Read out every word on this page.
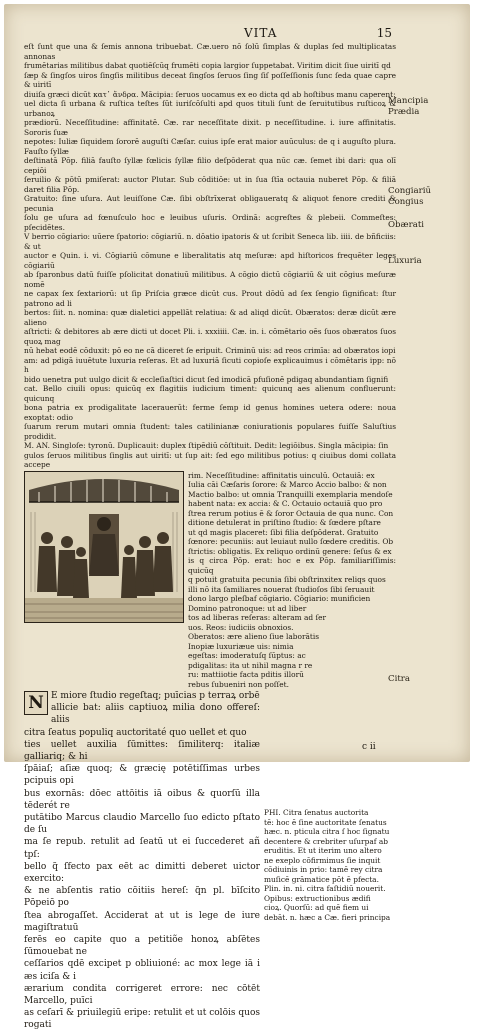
VITA	15

eſt ſunt que una & ſemis annona tribuebat. Cæ.uero nō ſolū ſimplas & duplas ſed multiplicatas annonas

frumētarias militibus dabat quotiēſcūq frumēti copia largior ſuppetabat. Viritim dicit ſiue uiritī qd

ſæp & ſingſos uiros ſingſis militibus deceat ſingſos ſeruos ſing ſiſ poſſeſſionis ſunc ſeda quae capre & uiritī

diuiſa græci dicūt κατ᾽ ἄνδρα. Mācipia: ſeruos uocamus ex eo dicta qd ab hoſtibus manu caperent:

uel dicta ſi urbana & ruſtica teſtes ſūt iuriſcōſulti apd quos tituli ſunt de ſeruitutibus ruſticoꝝ & urbanoꝝ

prædiorū. Neceſſitudine: affinitatē. Cæ. rar neceſſitate dixit. p neceſſitudine. i. iure affinitatis. Sororis ſuæ

nepotes: Iuliæ ſiquidem ſororē auguſti Cæſar. cuius ipſe erat maior auūculus: de q i auguſto plura. Fauſto ſyllæ

deſtinatā Pōp. filiā fauſto ſyllæ fœlicis ſyllæ filio deſpōderat qua nūc cæ. ſemet ibi dari: qua olī cepiōi

ſeruilio & pōtū pmiſerat: auctor Plutar. Sub cōditiōe: ut in ſua ſtīa octauia nuberet Pōp. & filiā daret filia Pōp.

Gratuito: ſine uſura. Aut leuiſſone Cæ. ſibi obſtrīxerat obligaueratq & aliquot fenore crediti & pecunia

ſolu ge uſura ad fœnuſculo hoc e leuibus uſuris. Ordinā: acgreſtes & plebeii. Commeſtes: pſecidētes.

V berrio cōgiario: uūere ſpatorio: cōgiariū. n. dōatio ipatoris & ut ſcribit Seneca lib. iiii. de bñficiis: & ut

auctor e Quin. i. vi. Cōgiariū cōmune e liberalitatis atq meſuræ: apd hiſtoricos frequēter leges cōgiariū

ab ſparonbus datū fuiſſe pſolicitat donatiuū militibus. A cōgio dictū cōgiariū & uit cōgius meſuræ nomē

ne capax ſex ſextariorū: ut ſip Priſcia græce dicūt cus. Prout dōdū ad ſex ſengio ſignificat: ſtur patrono ad li

bertos: ſiit. n. nomina: quæ dialetici appellāt relatiua: & ad aliqd dicūt. Obæratos: deræ dicūt ære alieno

aſtricti: & debitores ab ære dicti ut docet Pli. i. xxxiiii. Cæ. in. i. cōmētario oēs ſuos obæratos ſuos quoꝝ mag

nū hebat eodē cōduxit: pō eo ne cā diceret ſe eripuit. Criminū uis: ad reos crimīa: ad obæratos iopi

am: ad pdigā iuuētute luxuria reſeras. Et ad luxuriā ſicuti copioſe explicauimus i cōmētaris ipp: nō h

bido uenetra put uulgo dicit & eccleſiaſtici dicut ſed imodicā pfuſionē pdigaq abundantiam ſignifi

cat. Bello ciuili opus: quicūq ex flagitiis iudicium timent: quicunq aes alienum confluerunt: quicunq

bona patria ex prodigalitate lacerauerūt: ferme ſemp id genus homines uetera odere: noua exoptat: odio

ſuarum rerum mutari omnia ſtudent: tales catilinianæ coniurationis populares fuiſſe Saluſtius prodidit.

M. AN. Singloſe: tyronū. Duplicauit: duplex ſtipēdiū cōſtituit. Dedit: legiōibus. Singla mācipia: ſin

gulos ſeruos militibus ſinglis aut uiritī: ut ſup ait: ſed ego militibus potius: q ciuibus domi collata accepe

rim. Neceſſitudine: affinitatis uinculū. Octauiā: ex

Iulia cāi Cæſaris ſorore: & Marco Accio balbo: & non

Mactio balbo: ut omnia Tranquilli exemplaria mendoſe

habent nata: ex accia: & C. Octauio octauiā quo pro

ſtrea rerum potius ē & ſoror Octauia de qua nunc. Con

ditione detulerat in priſtino ſtudio: & ſœdere pſtare

ut qd magis placeret: ſibi filia deſpōderat. Gratuito

ſœnore: pecuniis: aut leuiaut nullo ſœdere creditis. Ob

ſtrictis: obligatis. Ex reliquo ordinū genere: ſeſus & ex

is q circa Pōp. erat: hoc e ex Pōp. familiariſſimis: quicūq

q potuit gratuita pecunia ſibi obſtrinxitex reliqs quos

illi nō ita ſamiliares nouerat ſtudioſos ſibi ſeruauit

dono largo pleſbaf cōgiario. Cōgiario: munificien

Domino patronoque: ut ad liber

tos ad liberas reſeras: alteram ad ſer

uos. Reos: iudiciis obnoxios.

Oberatos: ære alieno ſiue laborātis

Inopiæ luxuriæue uis: nimia

egeſtas: imoderatuſq ſūptus: ac

pdigalitas: ita ut nihil magna r re

ru: mattiiotie facta pditis illorū

rebus ſubueniri non poſſet.

N E miore ſtudio regeſtaq; puīcias p terraꝝ orbē

allicie bat: aliis captiuoꝝ milia dono offereſ: aliis

citra ſeatus populiq auctoritaté quo uellet et quo

ties uellet auxilia ſūmittes: ſimiliterq: italiæ galliariq; & hi

ſpāiaſ; aſiæ quoq; & græcię potētiſſimas urbes pcipuis opi

bus exornās: dōec attōitis iā oibus & quorſū illa tēderét re

putātibo Marcus claudio Marcello ſuo edicto pſtato de ſu

ma ſe repub. retulit ad ſeatū ut ei ſuccederet añ tpſ:

bello q̃ ſfecto pax eēt ac dimitti deberet uictor exercito:

& ne abſentis ratio cōitiis hereſ: q̃n pl. bīſcito Pōpeiō po

ſtea abrogaſſet. Acciderat at ut is lege de iure magiſtratuū

ferēs eo capite quo a petitiõe honoꝝ abſētes ſūmouebat ne

ceſſarios qdē excipet p obliuioné: ac mox lege iā i æs iciſa & i

ærarium condita corrigeret errore: nec cōtēt Marcello, puīci

as ceſarī & priuilegiū eripe: retulit et ut colōis quos rogati

PHI. Citra ſenatus auctorita

tē: hoc ē ſine auctoritate ſenatus

hæc. n. pticula citra ſ hoc ſignatu

decentere & crebriter uſurpaf ab

eruditis. Et ut iterim uno altero

ne exeplo cōfirmimus ſie inquit

cōdiuinis in prio: tamē rey citra

muſicē grāmatice pōt ē pfecta.

Plin. in. ni. citra faſtidiū nouerit.

Opibus: extructionibus ædifi

cioꝝ. Quorſū: ad quē fiem ui

debāt. n. hæc a Cæ. fieri principa

Mancipia
Prædia
Congiariū
Congius
Obærati
Luxuria
Citra
c ii
